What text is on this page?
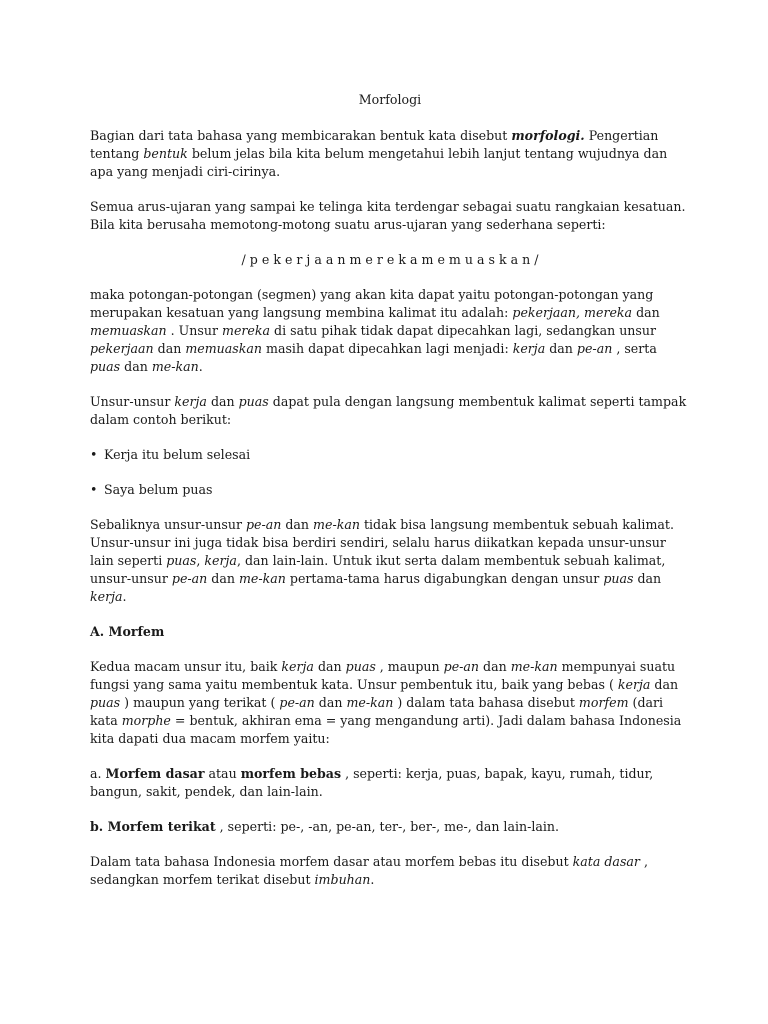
Morfologi

Bagian dari tata bahasa yang membicarakan bentuk kata disebut morfologi. Pengertian tentang bentuk belum jelas bila kita belum mengetahui lebih lanjut tentang wujudnya dan apa yang menjadi ciri-cirinya.

Semua arus-ujaran yang sampai ke telinga kita terdengar sebagai suatu rangkaian kesatuan. Bila kita berusaha memotong-motong suatu arus-ujaran yang sederhana seperti:

/ p e k e r j a a n m e r e k a m e m u a s k a n /

maka potongan-potongan (segmen) yang akan kita dapat yaitu potongan-potongan yang merupakan kesatuan yang langsung membina kalimat itu adalah: pekerjaan, mereka dan memuaskan . Unsur mereka di satu pihak tidak dapat dipecahkan lagi, sedangkan unsur pekerjaan dan memuaskan masih dapat dipecahkan lagi menjadi: kerja dan pe-an , serta puas dan me-kan.

Unsur-unsur kerja dan puas dapat pula dengan langsung membentuk kalimat seperti tampak dalam contoh berikut:

• Kerja itu belum selesai
• Saya belum puas

Sebaliknya unsur-unsur pe-an dan me-kan tidak bisa langsung membentuk sebuah kalimat. Unsur-unsur ini juga tidak bisa berdiri sendiri, selalu harus diikatkan kepada unsur-unsur lain seperti puas, kerja, dan lain-lain. Untuk ikut serta dalam membentuk sebuah kalimat, unsur-unsur pe-an dan me-kan pertama-tama harus digabungkan dengan unsur puas dan kerja.

A. Morfem

Kedua macam unsur itu, baik kerja dan puas , maupun pe-an dan me-kan mempunyai suatu fungsi yang sama yaitu membentuk kata. Unsur pembentuk itu, baik yang bebas ( kerja dan puas ) maupun yang terikat ( pe-an dan me-kan ) dalam tata bahasa disebut morfem (dari kata morphe = bentuk, akhiran ema = yang mengandung arti). Jadi dalam bahasa Indonesia kita dapati dua macam morfem yaitu:

a. Morfem dasar atau morfem bebas , seperti: kerja, puas, bapak, kayu, rumah, tidur, bangun, sakit, pendek, dan lain-lain.

b. Morfem terikat , seperti: pe-, -an, pe-an, ter-, ber-, me-, dan lain-lain.

Dalam tata bahasa Indonesia morfem dasar atau morfem bebas itu disebut kata dasar , sedangkan morfem terikat disebut imbuhan.
